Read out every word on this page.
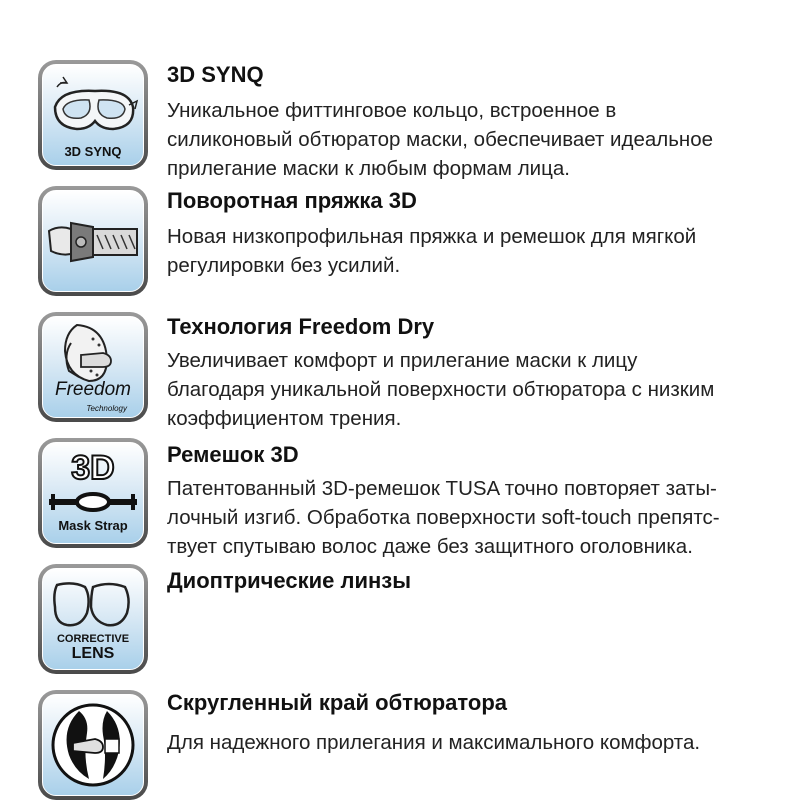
3D SYNQ
3D SYNQ
Уникальное фиттинговое кольцо, встроенное в
силиконовый обтюратор маски, обеспечивает идеальное
прилегание маски к любым формам лица.
Поворотная пряжка 3D
Новая низкопрофильная пряжка и ремешок для мягкой
регулировки без усилий.
Freedom
Technology
Технология Freedom Dry
Увеличивает комфорт и прилегание маски к лицу
благодаря уникальной поверхности обтюратора с низким
коэффициентом трения.
3D
Mask Strap
Ремешок 3D
Патентованный 3D-ремешок TUSA точно повторяет заты-
лочный изгиб. Обработка поверхности soft-touch препятс-
твует спутываю волос даже без защитного оголовника.
CORRECTIVE
LENS
Диоптрические линзы
Скругленный край обтюратора
Для надежного прилегания и максимального комфорта.
